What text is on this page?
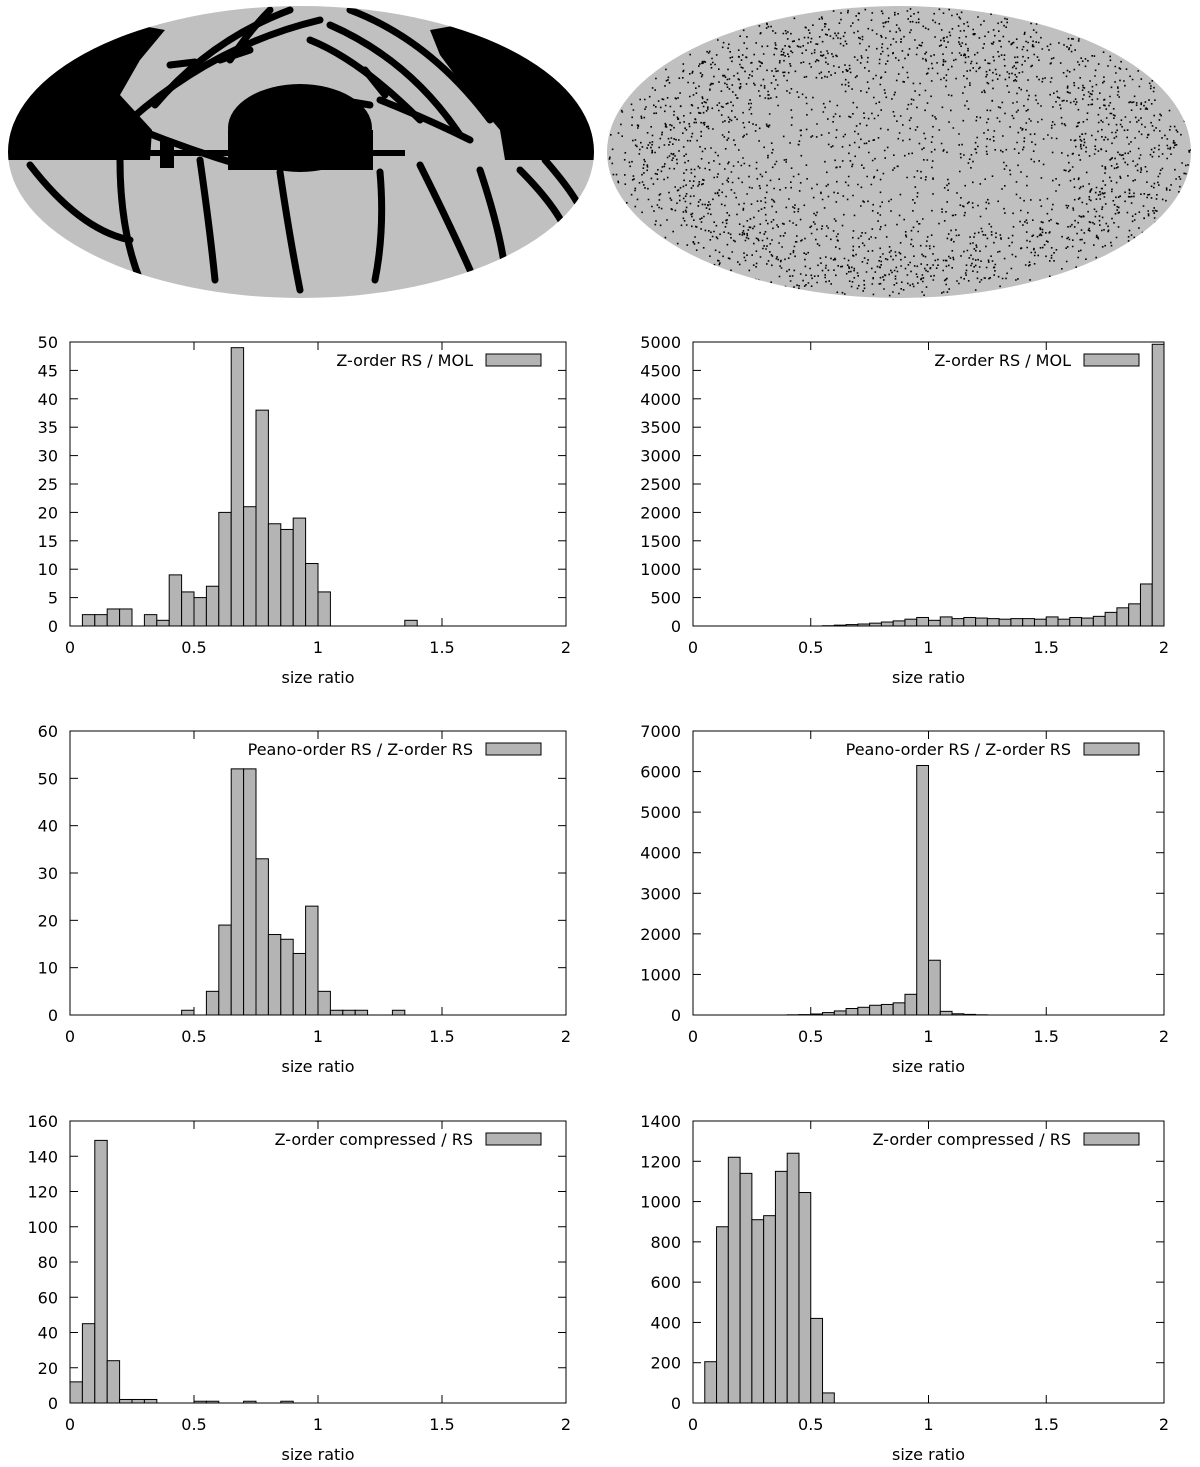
0
5
10
15
20
25
30
35
40
45
50
0	0.5	1	1.5	2
Z-order RS / MOL
size ratio
0
500
1000
1500
2000
2500
3000
3500
4000
4500
5000
0	0.5	1	1.5	2
Z-order RS / MOL
size ratio
0
10
20
30
40
50
60
0	0.5	1	1.5	2
Peano-order RS / Z-order RS
size ratio
0
1000
2000
3000
4000
5000
6000
7000
0	0.5	1	1.5	2
Peano-order RS / Z-order RS
size ratio
0
20
40
60
80
100
120
140
160
0	0.5	1	1.5	2
Z-order compressed / RS
size ratio
0
200
400
600
800
1000
1200
1400
0	0.5	1	1.5	2
Z-order compressed / RS
size ratio
